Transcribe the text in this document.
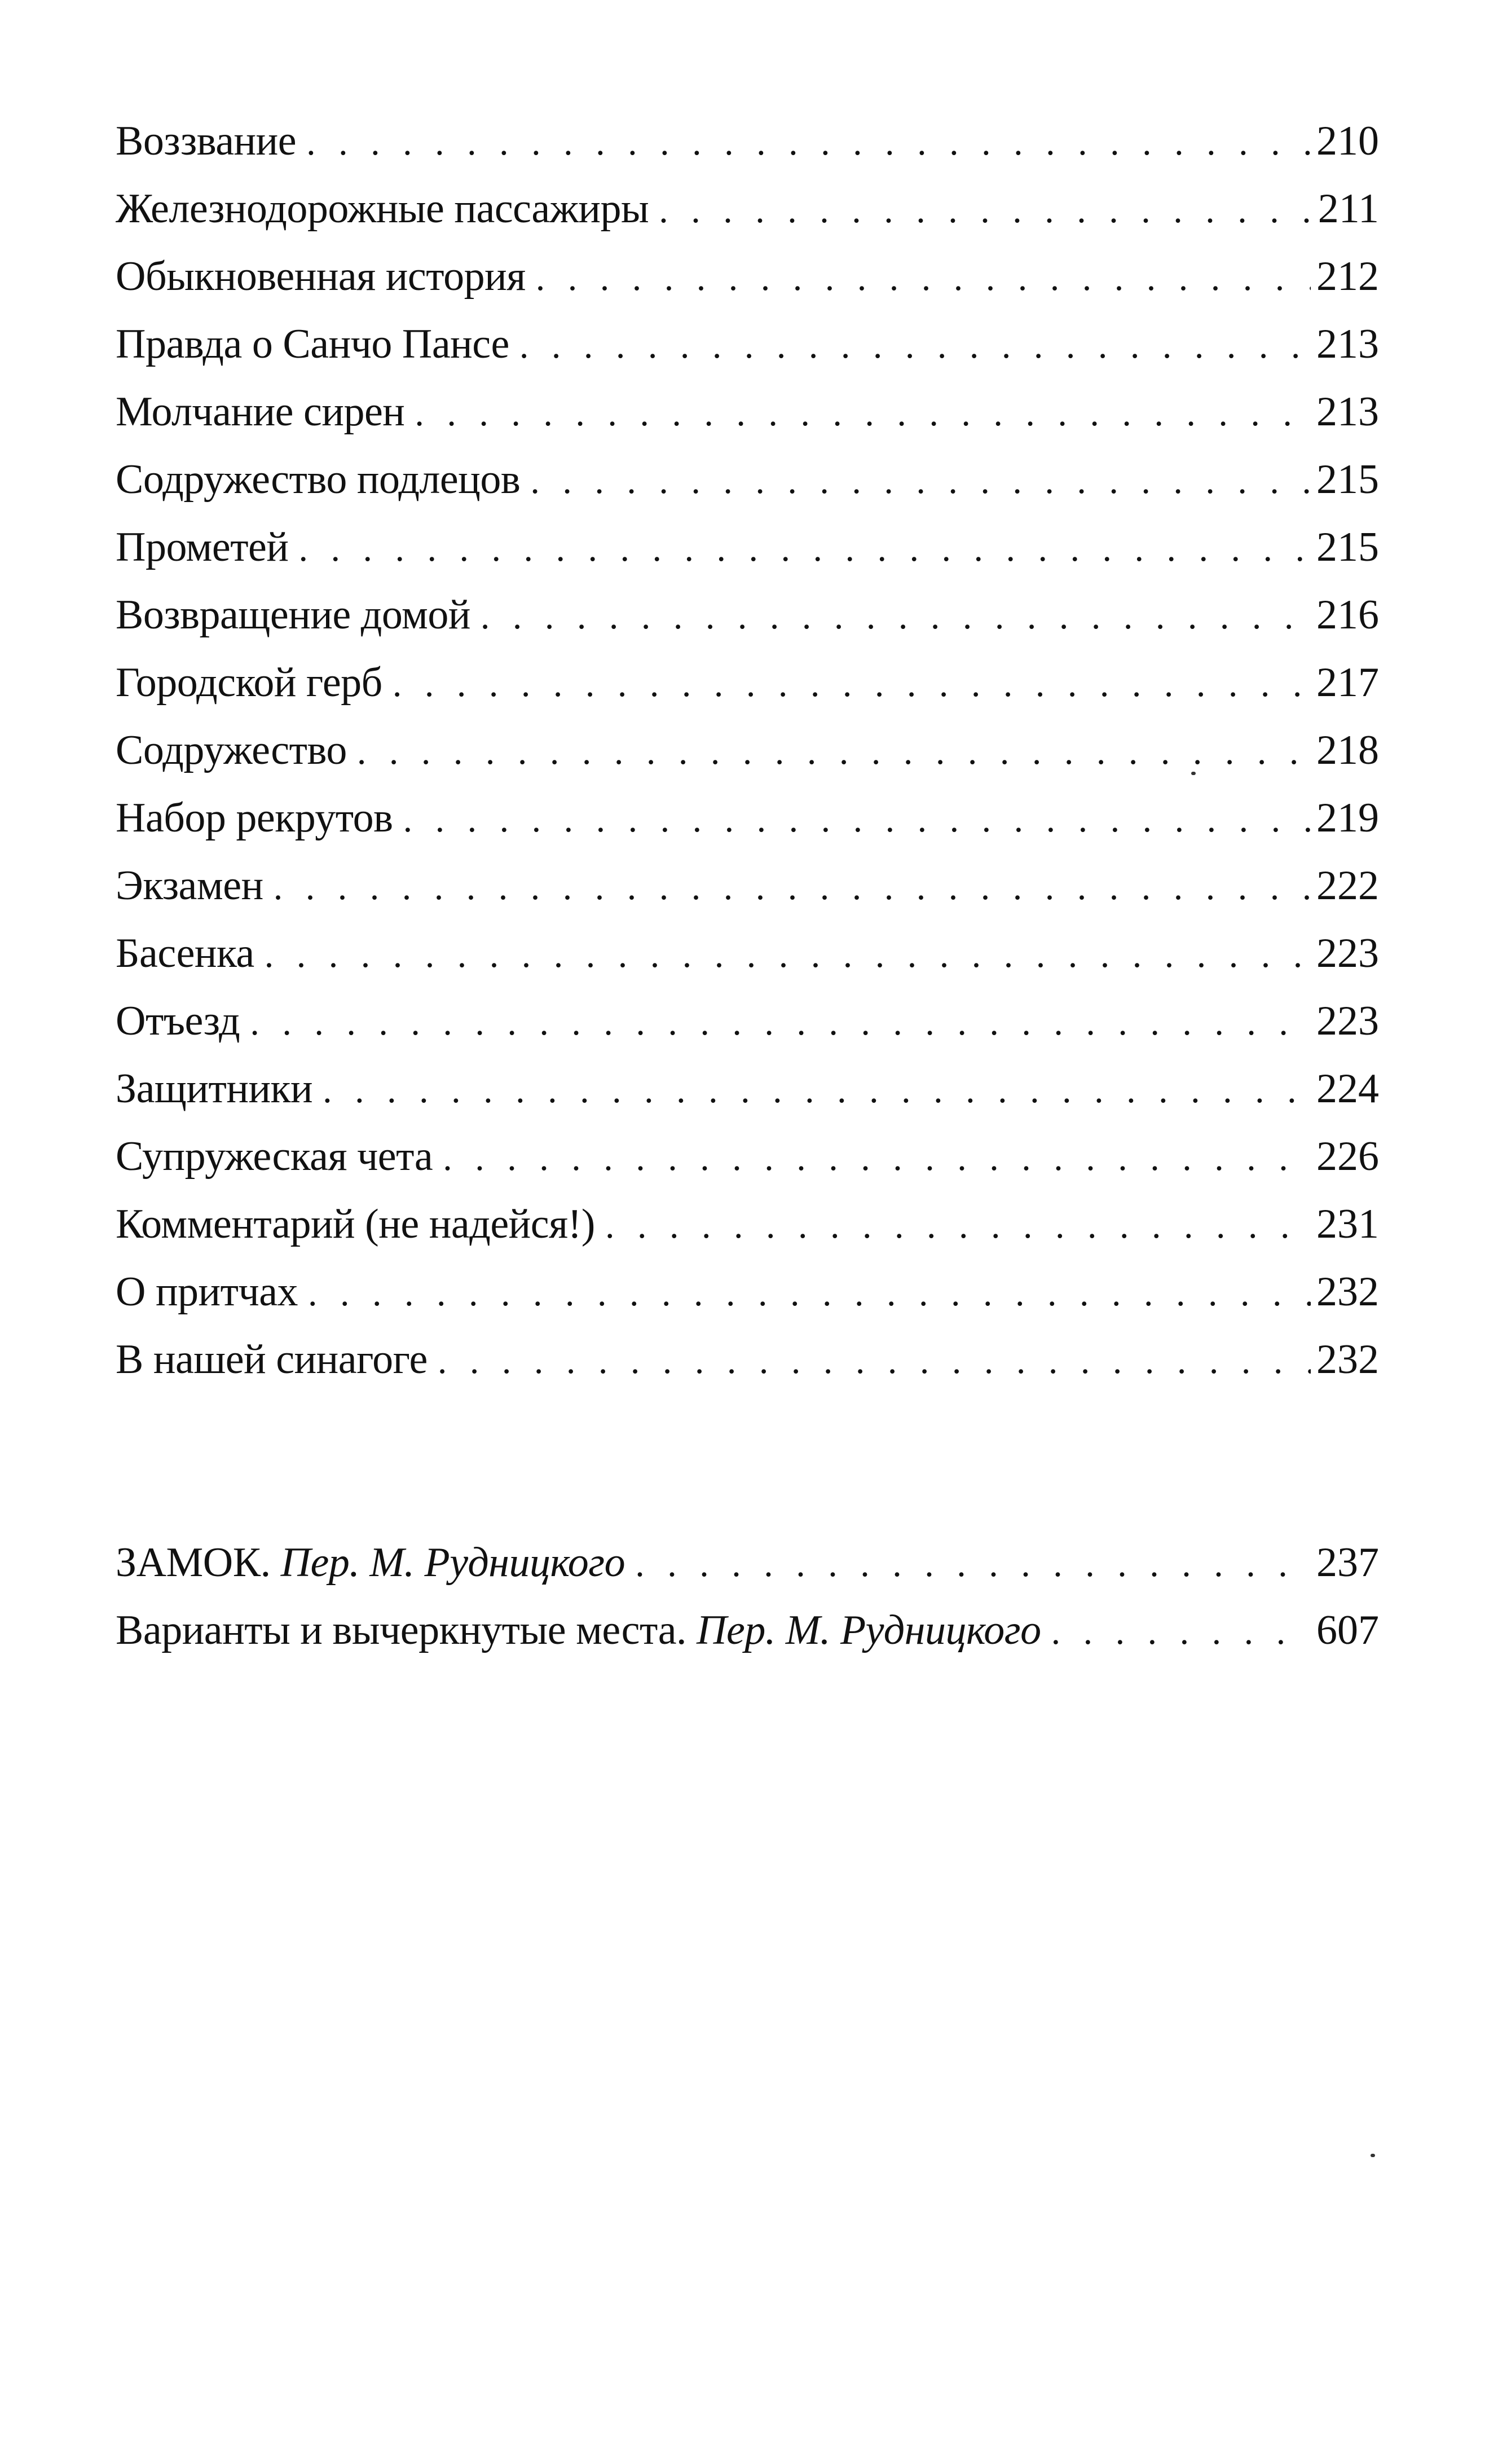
Воззвание . . .	210
Железнодорожные пассажиры . . .	211
Обыкновенная история . . .	212
Правда о Санчо Пансе . . .	213
Молчание сирен . . .	213
Содружество подлецов . . .	215
Прометей . . .	215
Возвращение домой . . .	216
Городской герб . . .	217
Содружество . . .	218
Набор рекрутов . . .	219
Экзамен . . .	222
Басенка . . .	223
Отъезд . . .	223
Защитники . . .	224
Супружеская чета . . .	226
Комментарий (не надейся!) . . .	231
О притчах . . .	232
В нашей синагоге . . .	232
ЗАМОК. Пер. М. Рудницкого . . .	237
Варианты и вычеркнутые места. Пер. М. Рудницкого . . .	607
